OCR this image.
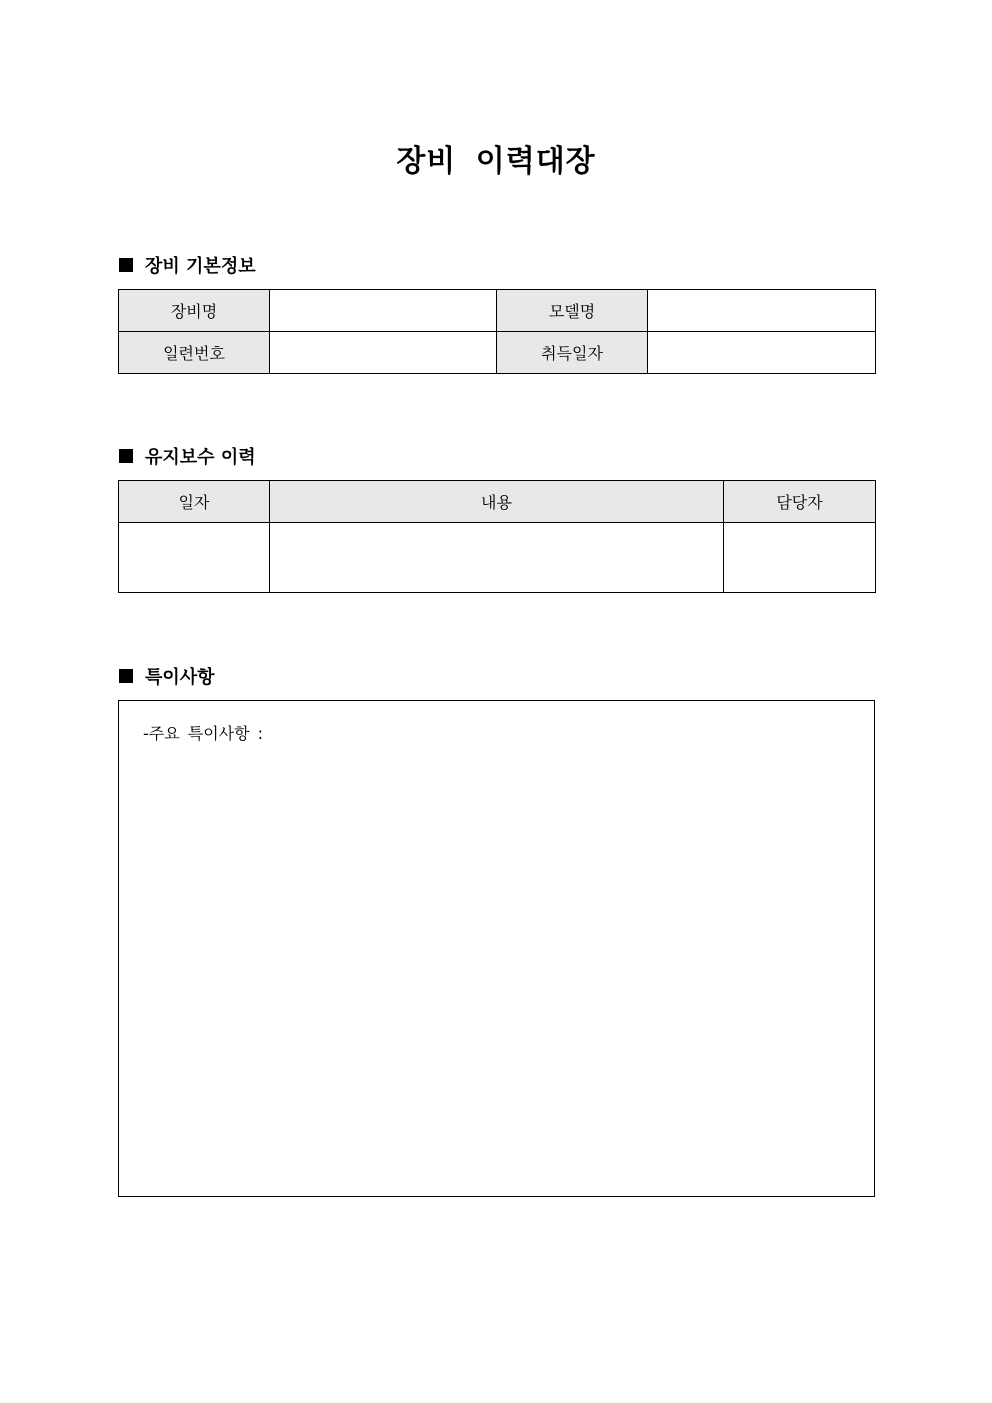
장비 이력대장
장비 기본정보
장비명		모델명	
일련번호		취득일자	
유지보수 이력
일자	내용	담당자

특이사항
-주요 특이사항 :
